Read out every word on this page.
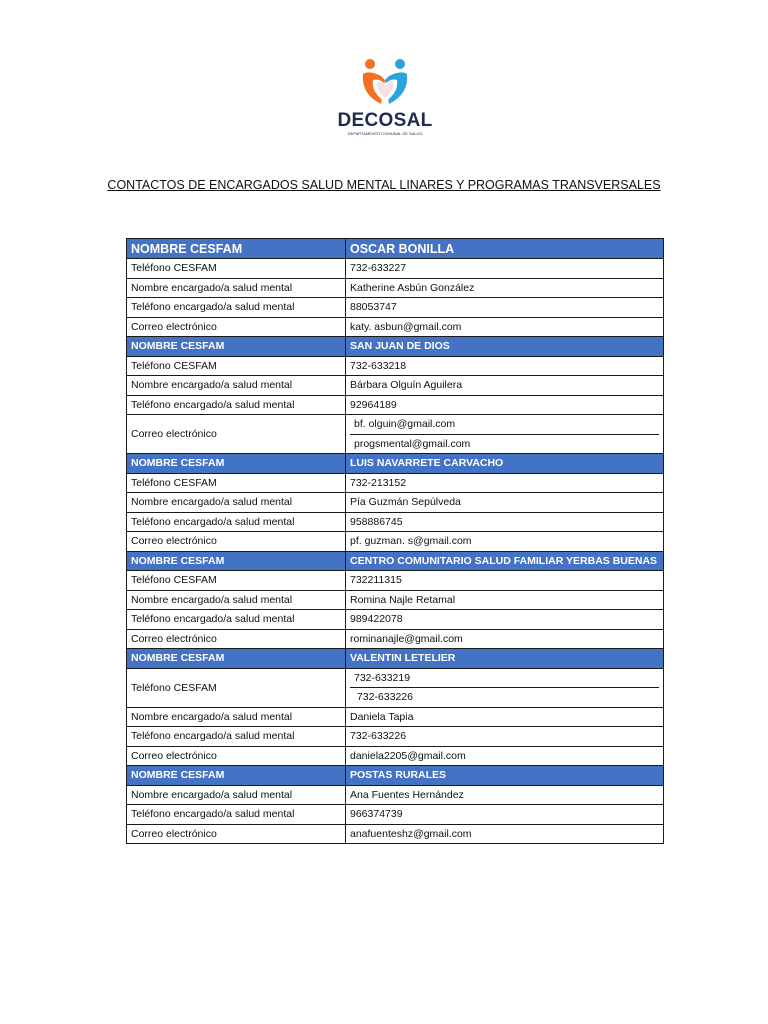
DECOSAL
DEPARTAMENTO COMUNAL DE SALUD
CONTACTOS DE ENCARGADOS SALUD MENTAL LINARES Y PROGRAMAS TRANSVERSALES
NOMBRE CESFAM	OSCAR BONILLA
Teléfono CESFAM	732-633227
Nombre encargado/a salud mental	Katherine Asbún González
Teléfono encargado/a salud mental	88053747
Correo electrónico	katy. asbun@gmail.com
NOMBRE CESFAM	SAN JUAN DE DIOS
Teléfono CESFAM	732-633218
Nombre encargado/a salud mental	Bárbara Olguín Aguilera
Teléfono encargado/a salud mental	92964189
Correo electrónico	bf. olguin@gmail.com
progsmental@gmail.com

NOMBRE CESFAM	LUIS NAVARRETE CARVACHO
Teléfono CESFAM	732-213152
Nombre encargado/a salud mental	Pía Guzmán Sepúlveda
Teléfono encargado/a salud mental	958886745
Correo electrónico	pf. guzman. s@gmail.com
NOMBRE CESFAM	CENTRO COMUNITARIO SALUD FAMILIAR YERBAS BUENAS
Teléfono CESFAM	732211315
Nombre encargado/a salud mental	Romina Najle Retamal
Teléfono encargado/a salud mental	989422078
Correo electrónico	rominanajle@gmail.com
NOMBRE CESFAM	VALENTIN LETELIER
Teléfono CESFAM	732-633219
732-633226

Nombre encargado/a salud mental	Daniela Tapia
Teléfono encargado/a salud mental	732-633226
Correo electrónico	daniela2205@gmail.com
NOMBRE CESFAM	POSTAS RURALES
Nombre encargado/a salud mental	Ana Fuentes Hernández
Teléfono encargado/a salud mental	966374739
Correo electrónico	anafuenteshz@gmail.com
